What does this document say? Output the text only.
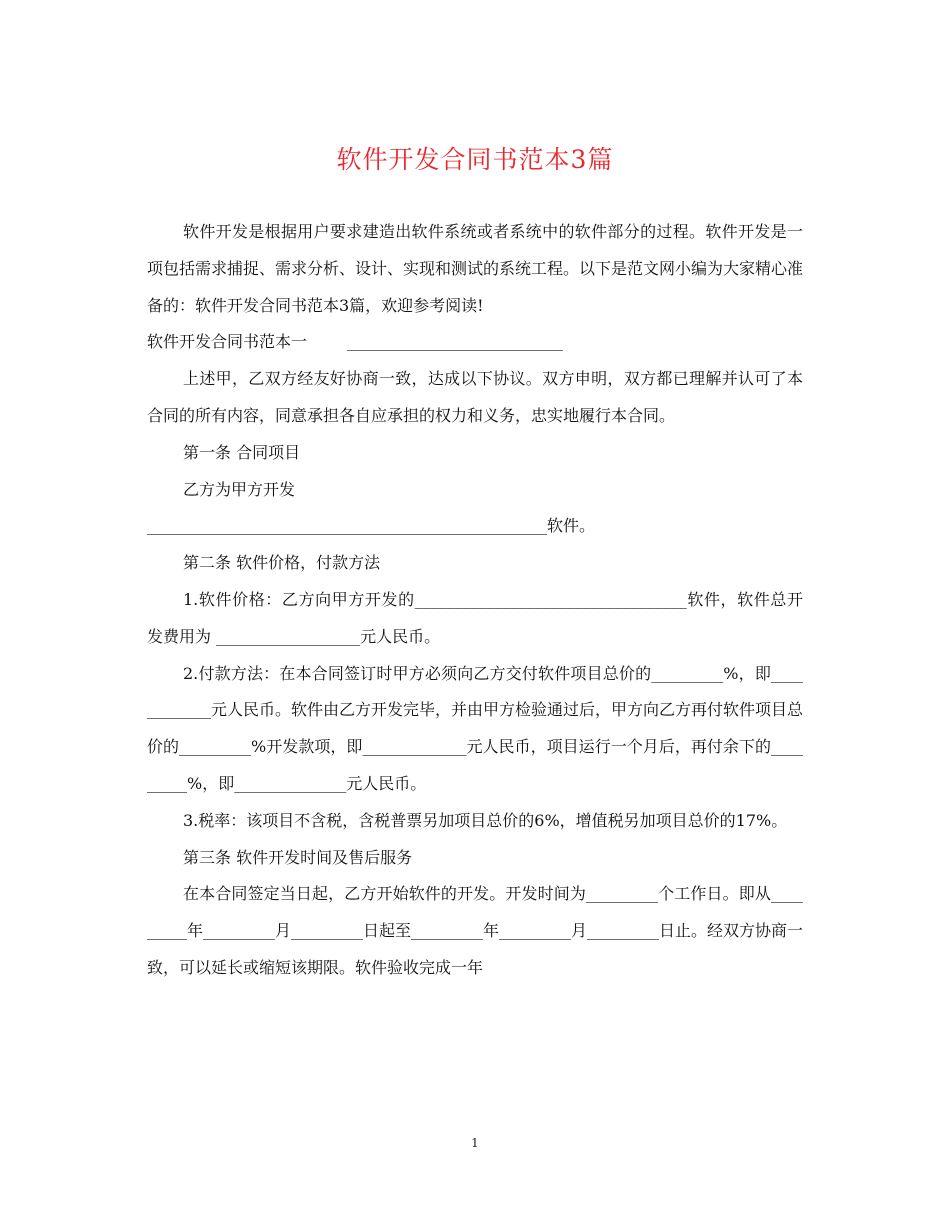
软件开发合同书范本3篇

软件开发是根据用户要求建造出软件系统或者系统中的软件部分的过程。软件开发是一项包括需求捕捉、需求分析、设计、实现和测试的系统工程。以下是范文网小编为大家精心准备的：软件开发合同书范本3篇，欢迎参考阅读!

软件开发合同书范本一	___________________________

上述甲，乙双方经友好协商一致，达成以下协议。双方申明，双方都已理解并认可了本合同的所有内容，同意承担各自应承担的权力和义务，忠实地履行本合同。

第一条 合同项目

乙方为甲方开发

__________________________________________________软件。

第二条 软件价格，付款方法

1.软件价格：乙方向甲方开发的__________________________________软件，软件总开发费用为 __________________元人民币。

2.付款方法：在本合同签订时甲方必须向乙方交付软件项目总价的_________%，即____________元人民币。软件由乙方开发完毕，并由甲方检验通过后，甲方向乙方再付软件项目总价的_________%开发款项，即_____________元人民币，项目运行一个月后，再付余下的_________%，即______________元人民币。

3.税率：该项目不含税，含税普票另加项目总价的6%，增值税另加项目总价的17%。

第三条 软件开发时间及售后服务

在本合同签定当日起，乙方开始软件的开发。开发时间为_________个工作日。即从_________年_________月_________日起至_________年_________月_________日止。经双方协商一致，可以延长或缩短该期限。软件验收完成一年

1
